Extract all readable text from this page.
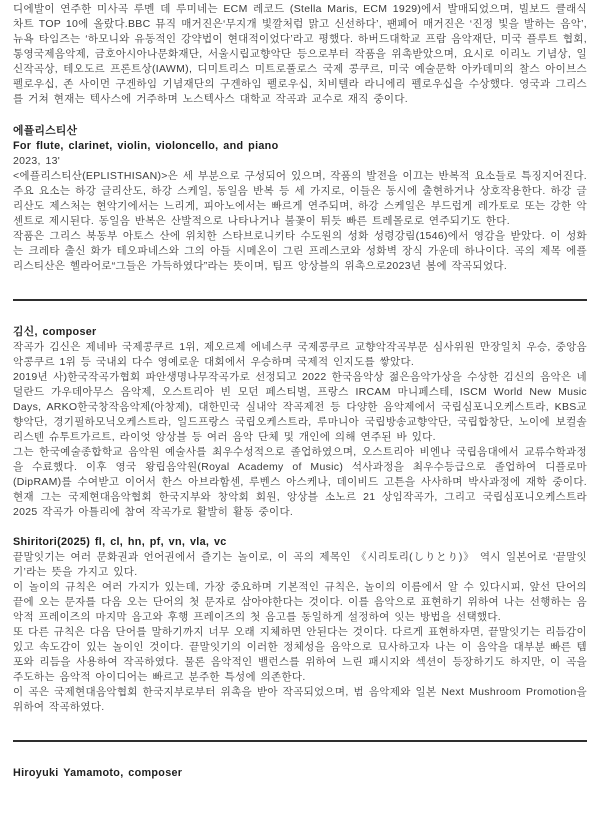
디에발이 연주한 미사곡 루멘 데 루미네는 ECM 레코드 (Stella Maris, ECM 1929)에서 발매되었으며, 빌보드 클래식 차트 TOP 10에 올랐다.BBC 뮤직 매거진은‘무지개 빛깔처럼 맑고 신선하다’, 팬페어 매거진은 ‘진정 빛을 발하는 음악’, 뉴욕 타임즈는 ‘하모니와 유동적인 강약법이 현대적이었다’라고 평했다. 하버드대학교 프람 음악재단, 미국 플루트 협회, 통영국제음악제, 금호아시아나문화재단, 서울시립교향악단 등으로부터 작품을 위촉받았으며, 요시로 이리노 기념상, 일신작곡상, 테오도르 프론트상(IAWM), 디미트리스 미트로풀로스 국제 콩쿠르, 미국 예술문학 아카데미의 찰스 아이브스 펠로우십, 존 사이먼 구겐하임 기념재단의 구겐하임 펠로우십, 치비텔라 라니에리 펠로우십을 수상했다. 영국과 그리스를 거쳐 현재는 텍사스에 거주하며 노스텍사스 대학교 작곡과 교수로 재직 중이다.

에플리스티산
For flute, clarinet, violin, violoncello, and piano
2023, 13'

<에플리스티산(EPLISTHISAN)>은 세 부분으로 구성되어 있으며, 작품의 발전을 이끄는 반복적 요소들로 특징지어진다. 주요 요소는 하강 글리산도, 하강 스케일, 동일음 반복 등 세 가지로, 이들은 동시에 출현하거나 상호작용한다. 하강 글리산도 제스처는 현악기에서는 느리게, 피아노에서는 빠르게 연주되며, 하강 스케일은 부드럽게 레가토로 또는 강한 악센트로 제시된다. 동일음 반복은 산발적으로 나타나거나 불꽃이 튀듯 빠른 트레몰로로 연주되기도 한다.

작품은 그리스 북동부 아토스 산에 위치한 스타브로니키타 수도원의 성화 성령강림(1546)에서 영감을 받았다. 이 성화는 크레타 출신 화가 테오파네스와 그의 아들 시메온이 그린 프레스코와 성화벽 장식 가운데 하나이다. 곡의 제목 에플리스티산은 헬라어로“그들은 가득하였다”라는 뜻이며, 팀프 앙상블의 위촉으로2023년 봄에 작곡되었다.

김신, composer

작곡가 김신은 제네바 국제콩쿠르 1위, 제오르제 에네스쿠 국제콩쿠르 교향악작곡부문 심사위원 만장일치 우승, 중앙음악콩쿠르 1위 등 국내외 다수 영예로운 대회에서 우승하며 국제적 인지도를 쌓았다.

2019년 사)한국작곡가협회 파안생명나무작곡가로 선정되고 2022 한국음악상 젊은음악가상을 수상한 김신의 음악은 네덜란드 가우데아무스 음악제, 오스트리아 빈 모던 페스티벌, 프랑스 IRCAM 마니페스테, ISCM World New Music Days, ARKO한국창작음악제(아창제), 대한민국 실내악 작곡제전 등 다양한 음악제에서 국립심포니오케스트라, KBS교향악단, 경기필하모닉오케스트라, 일드프랑스 국립오케스트라, 루마니아 국립방송교향악단, 국립합창단, 노이에 보컬솔리스텐 슈투트가르트, 라이엇 앙상블 등 여러 음악 단체 및 개인에 의해 연주된 바 있다.

그는 한국예술종합학교 음악원 예술사를 최우수성적으로 졸업하였으며, 오스트리아 비엔나 국립음대에서 교류수학과정을 수료했다. 이후 영국 왕립음악원(Royal Academy of Music) 석사과정을 최우수등급으로 졸업하여 디플로마(DipRAM)를 수여받고 이어서 한스 아브라함센, 루벤스 아스케나, 데이비드 고튼을 사사하며 박사과정에 재학 중이다. 현재 그는 국제현대음악협회 한국지부와 창악회 회원, 앙상블 소노르 21 상임작곡가, 그리고 국립심포니오케스트라 2025 작곡가 아틀리에 참여 작곡가로 활발히 활동 중이다.

Shiritori(2025) fl, cl, hn, pf, vn, vla, vc

끝말잇기는 여러 문화권과 언어권에서 즐기는 놀이로, 이 곡의 제목인 《시리토리(しりとり)》 역시 일본어로 ‘끝말잇기’라는 뜻을 가지고 있다.

이 놀이의 규칙은 여러 가지가 있는데, 가장 중요하며 기본적인 규칙은, 놀이의 이름에서 알 수 있다시피, 앞선 단어의 끝에 오는 문자를 다음 오는 단어의 첫 문자로 삼아야한다는 것이다. 이를 음악으로 표현하기 위하여 나는 선행하는 음악적 프레이즈의 마지막 음고와 후행 프레이즈의 첫 음고를 동일하게 설정하여 잇는 방법을 선택했다.

또 다른 규칙은 다음 단어를 말하기까지 너무 오래 지체하면 안된다는 것이다. 다르게 표현하자면, 끝말잇기는 리듬감이 있고 속도감이 있는 놀이인 것이다. 끝말잇기의 이러한 정체성을 음악으로 묘사하고자 나는 이 음악을 대부분 빠른 템포와 리듬을 사용하여 작곡하였다. 물론 음악적인 밸런스를 위하여 느린 패시지와 섹션이 등장하기도 하지만, 이 곡을 주도하는 음악적 아이디어는 빠르고 분주한 특성에 의존한다.

이 곡은 국제현대음악협회 한국지부로부터 위촉을 받아 작곡되었으며, 범 음악제와 일본 Next Mushroom Promotion을 위하여 작곡하였다.

Hiroyuki Yamamoto, composer
